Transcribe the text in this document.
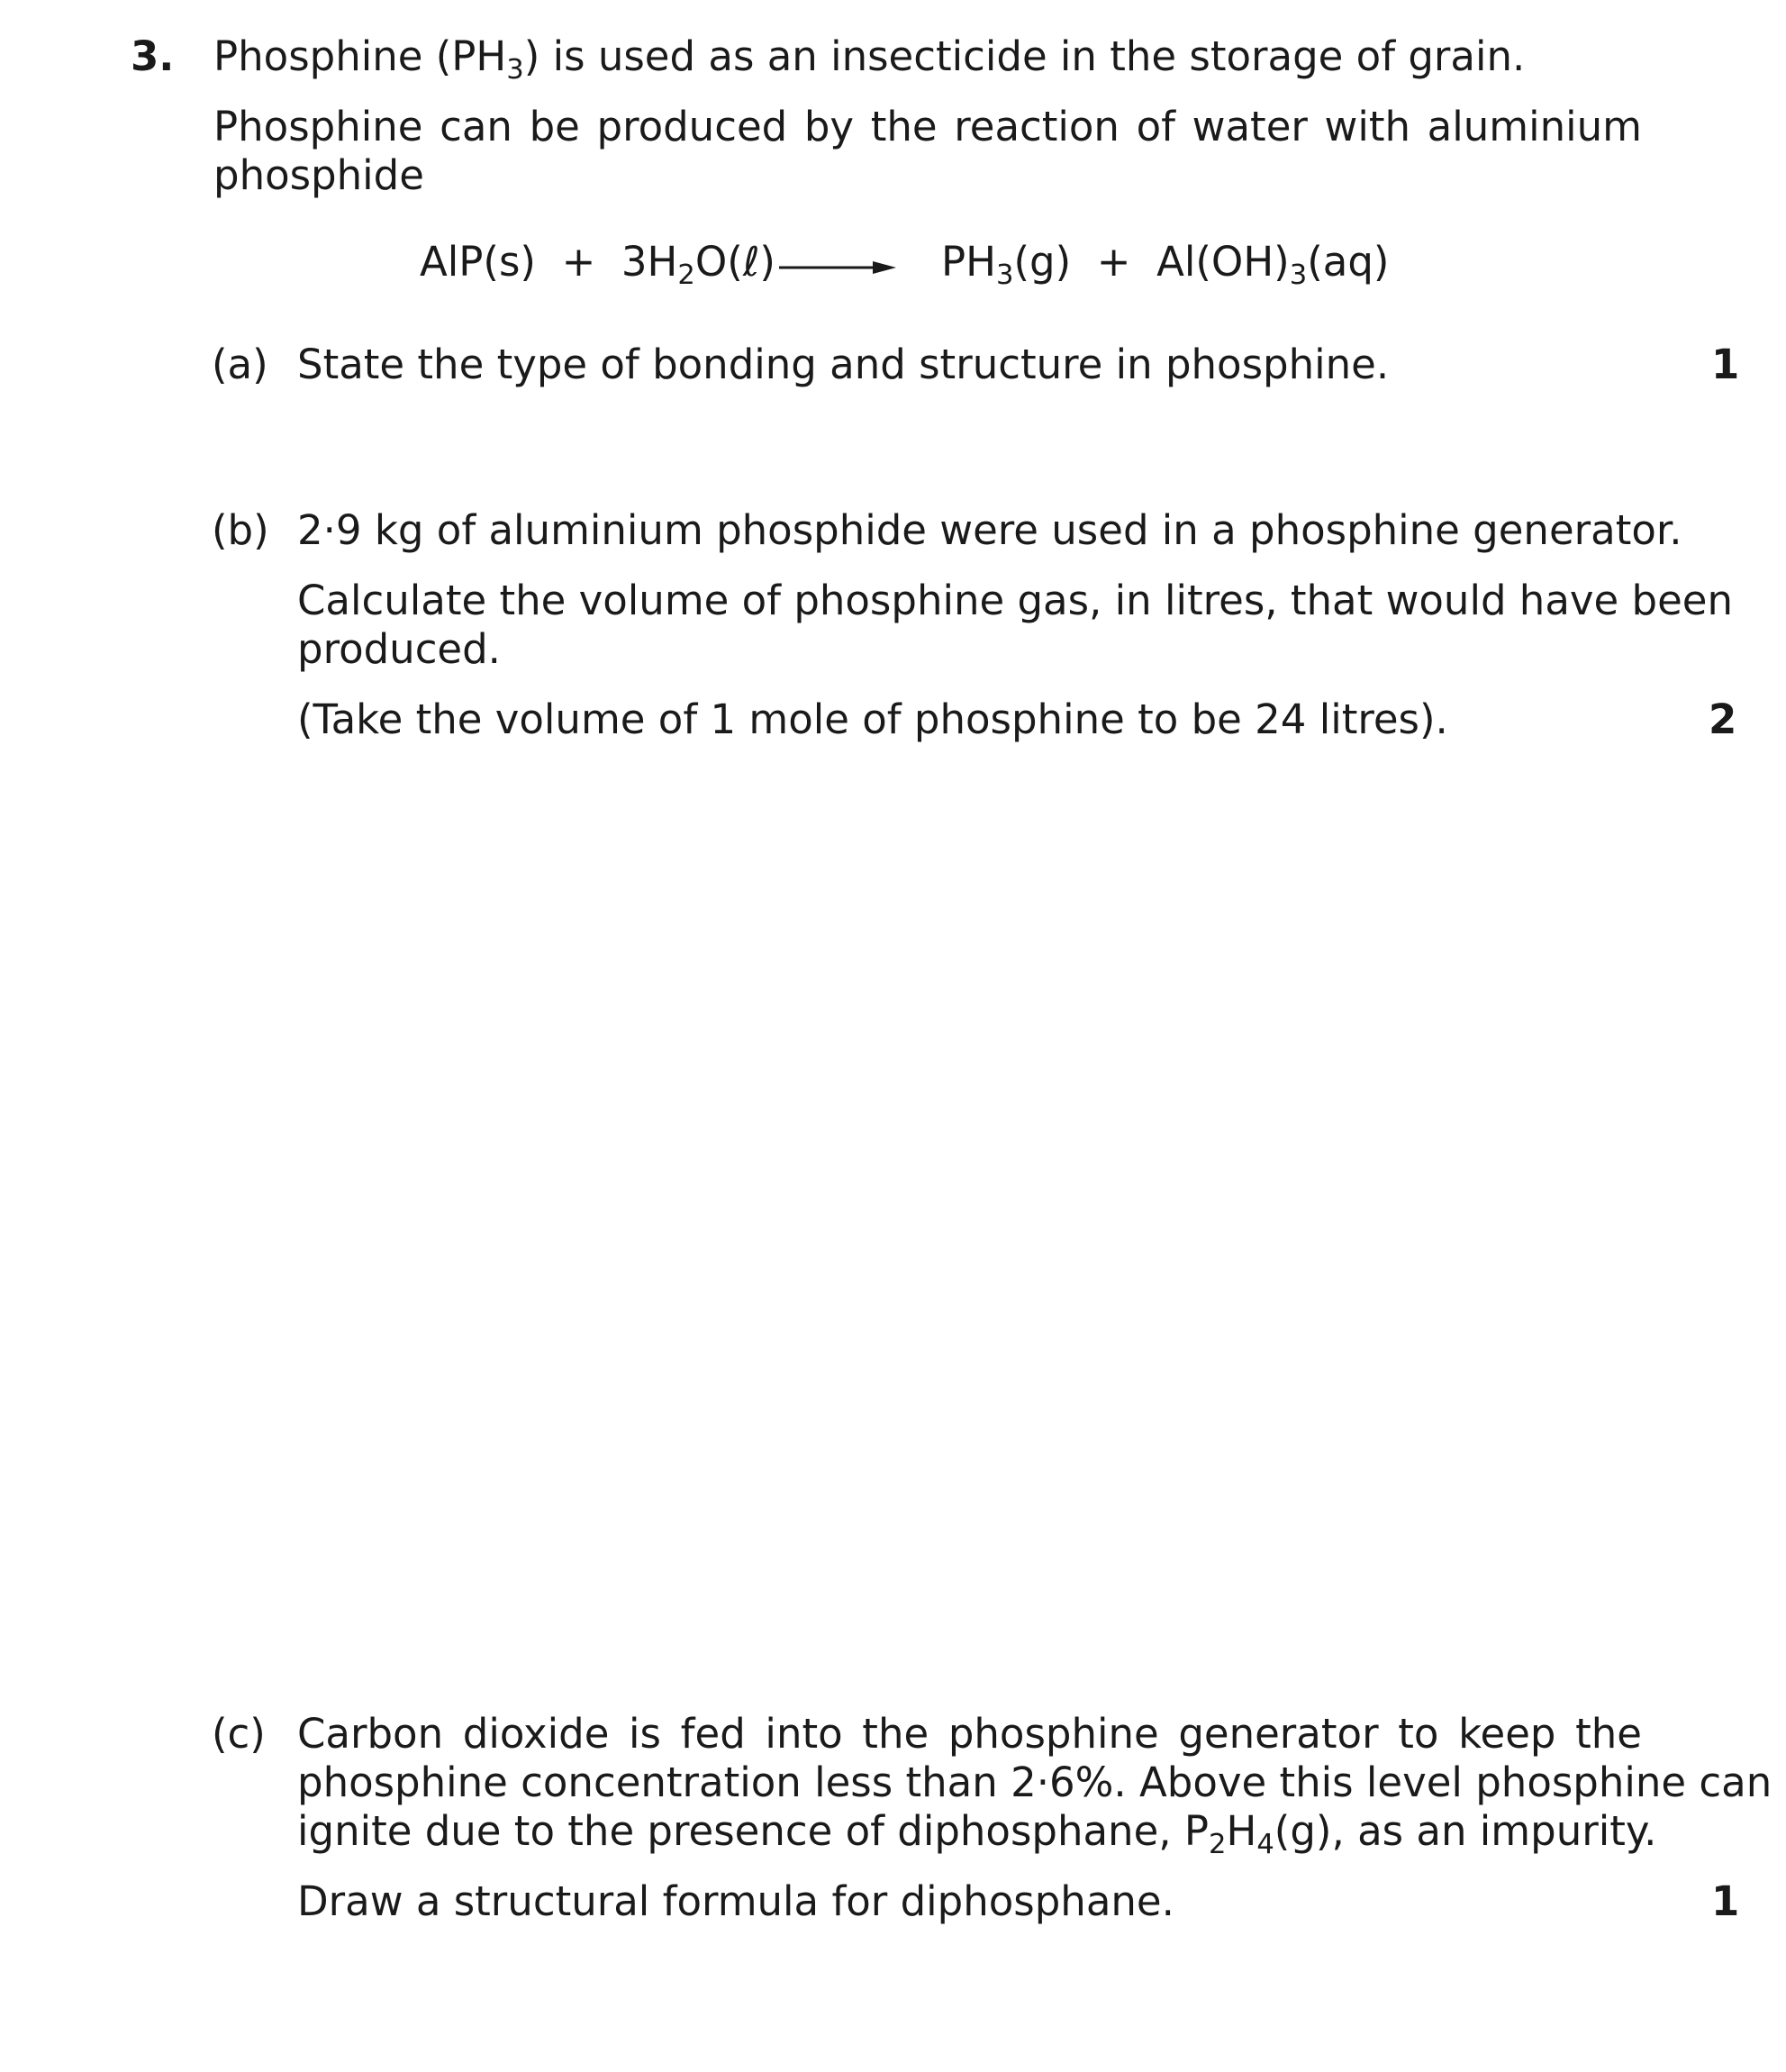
3. Phosphine $(PH_3)$ is used as an insecticide in the storage of grain.
Phosphine can be produced by the reaction of water with aluminium
phosphide
$AlP(s) + 3H_2O(\ell) \to PH_3(g) + Al(OH)_3(aq)$
(a) State the type of bonding and structure in phosphine.	1
(b) 2·9 kg of aluminium phosphide were used in a phosphine generator.
Calculate the volume of phosphine gas, in litres, that would have been
produced.
(Take the volume of 1 mole of phosphine to be 24 litres).	2
(c) Carbon dioxide is fed into the phosphine generator to keep the
phosphine concentration less than 2·6%. Above this level phosphine can
ignite due to the presence of diphosphane, $P_2H_4(g)$, as an impurity.
Draw a structural formula for diphosphane.	1
